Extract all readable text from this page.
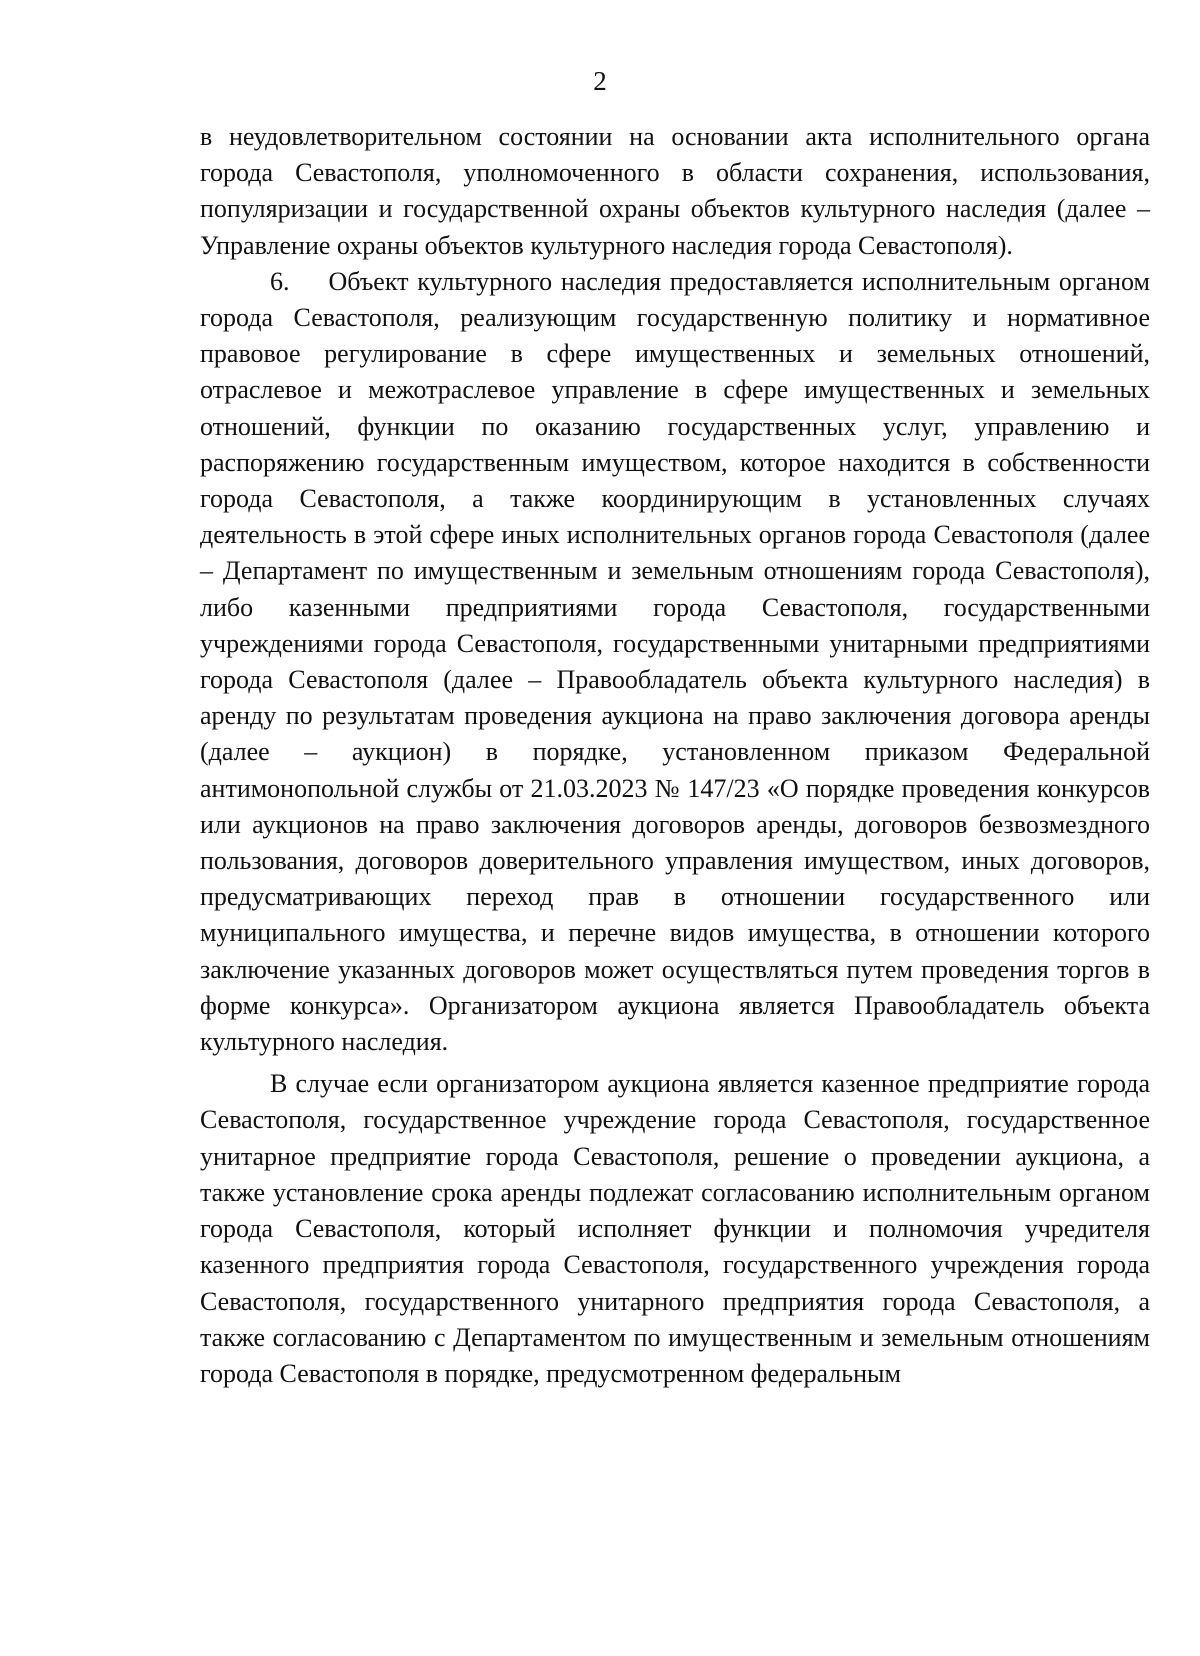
2

в неудовлетворительном состоянии на основании акта исполнительного органа города Севастополя, уполномоченного в области сохранения, использования, популяризации и государственной охраны объектов культурного наследия (далее – Управление охраны объектов культурного наследия города Севастополя).

6.  Объект культурного наследия предоставляется исполнительным органом города Севастополя, реализующим государственную политику и нормативное правовое регулирование в сфере имущественных и земельных отношений, отраслевое и межотраслевое управление в сфере имущественных и земельных отношений, функции по оказанию государственных услуг, управлению и распоряжению государственным имуществом, которое находится в собственности города Севастополя, а также координирующим в установленных случаях деятельность в этой сфере иных исполнительных органов города Севастополя (далее – Департамент по имущественным и земельным отношениям города Севастополя), либо казенными предприятиями города Севастополя, государственными учреждениями города Севастополя, государственными унитарными предприятиями города Севастополя (далее – Правообладатель объекта культурного наследия) в аренду по результатам проведения аукциона на право заключения договора аренды (далее – аукцион) в порядке, установленном приказом Федеральной антимонопольной службы от 21.03.2023 № 147/23 «О порядке проведения конкурсов или аукционов на право заключения договоров аренды, договоров безвозмездного пользования, договоров доверительного управления имуществом, иных договоров, предусматривающих переход прав в отношении государственного или муниципального имущества, и перечне видов имущества, в отношении которого заключение указанных договоров может осуществляться путем проведения торгов в форме конкурса». Организатором аукциона является Правообладатель объекта культурного наследия.

В случае если организатором аукциона является казенное предприятие города Севастополя, государственное учреждение города Севастополя, государственное унитарное предприятие города Севастополя, решение о проведении аукциона, а также установление срока аренды подлежат согласованию исполнительным органом города Севастополя, который исполняет функции и полномочия учредителя казенного предприятия города Севастополя, государственного учреждения города Севастополя, государственного унитарного предприятия города Севастополя, а также согласованию с Департаментом по имущественным и земельным отношениям города Севастополя в порядке, предусмотренном федеральным
